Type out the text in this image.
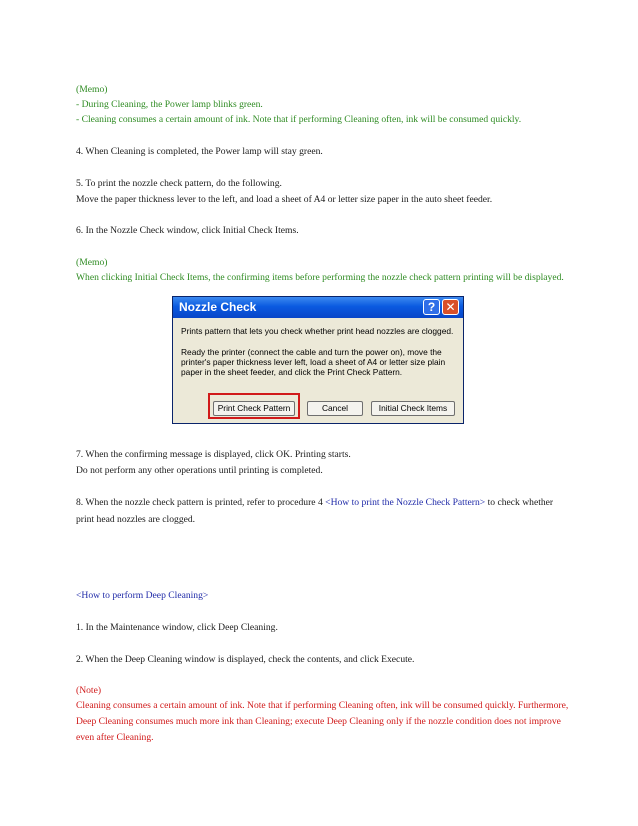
(Memo)
- During Cleaning, the Power lamp blinks green.
- Cleaning consumes a certain amount of ink. Note that if performing Cleaning often, ink will be consumed quickly.
4. When Cleaning is completed, the Power lamp will stay green.
5. To print the nozzle check pattern, do the following.
Move the paper thickness lever to the left, and load a sheet of A4 or letter size paper in the auto sheet feeder.
6. In the Nozzle Check window, click Initial Check Items.
(Memo)
When clicking Initial Check Items, the confirming items before performing the nozzle check pattern printing will be displayed.
Nozzle Check	? ✕
Prints pattern that lets you check whether print head nozzles are clogged.
Ready the printer (connect the cable and turn the power on), move the
printer's paper thickness lever left, load a sheet of A4 or letter size plain
paper in the sheet feeder, and click the Print Check Pattern.
Print Check Pattern	Cancel	Initial Check Items
7. When the confirming message is displayed, click OK. Printing starts.
Do not perform any other operations until printing is completed.
8. When the nozzle check pattern is printed, refer to procedure 4 <How to print the Nozzle Check Pattern> to check whether
print head nozzles are clogged.
<How to perform Deep Cleaning>
1. In the Maintenance window, click Deep Cleaning.
2. When the Deep Cleaning window is displayed, check the contents, and click Execute.
(Note)
Cleaning consumes a certain amount of ink. Note that if performing Cleaning often, ink will be consumed quickly. Furthermore,
Deep Cleaning consumes much more ink than Cleaning; execute Deep Cleaning only if the nozzle condition does not improve
even after Cleaning.
